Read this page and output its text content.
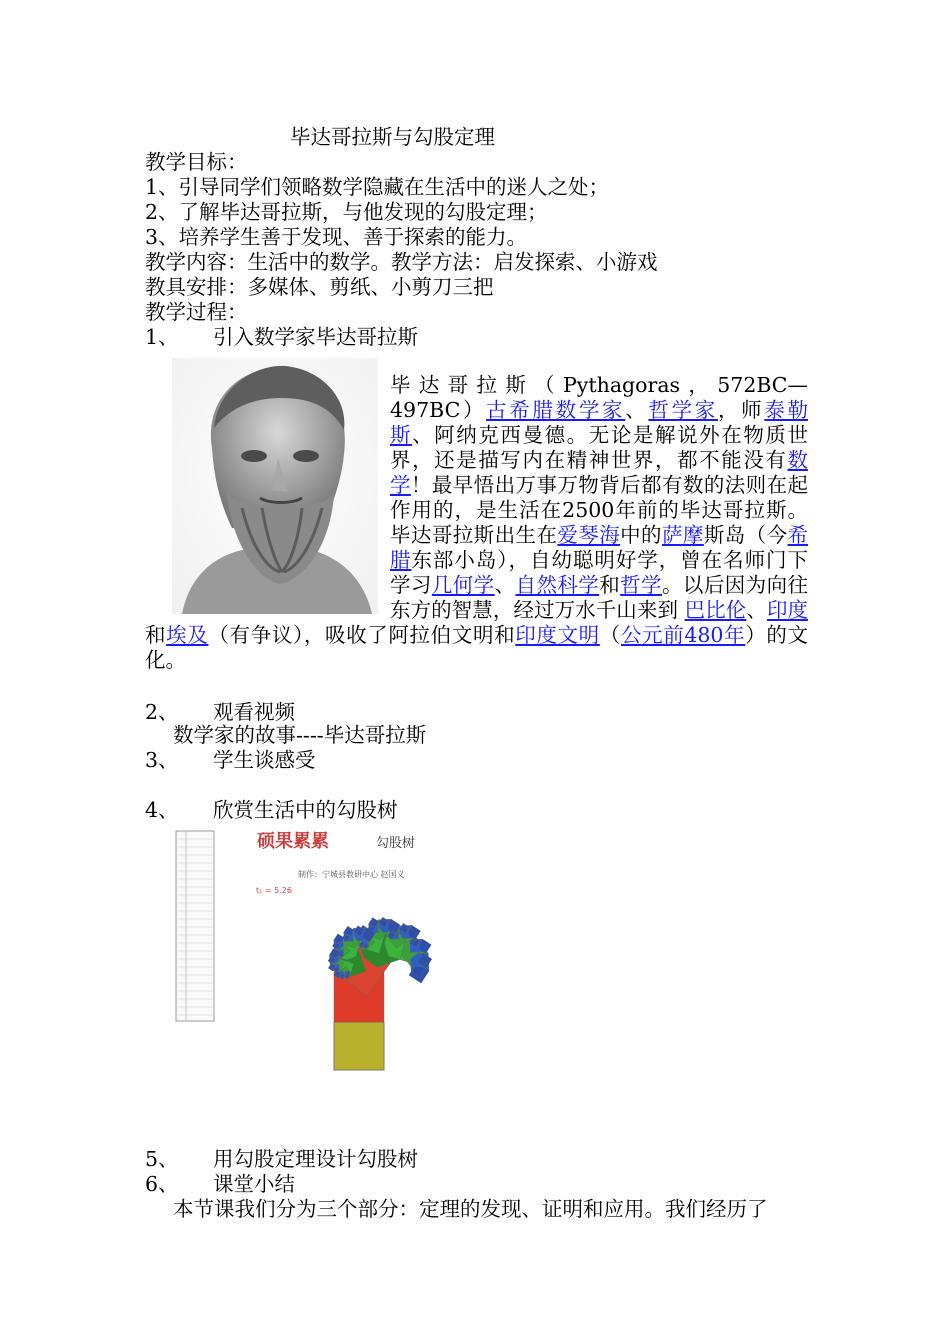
毕达哥拉斯与勾股定理
教学目标：
1、引导同学们领略数学隐藏在生活中的迷人之处；
2、了解毕达哥拉斯，与他发现的勾股定理；
3、培养学生善于发现、善于探索的能力。
教学内容：生活中的数学。教学方法：启发探索、小游戏
教具安排：多媒体、剪纸、小剪刀三把
教学过程：
1、 引入数学家毕达哥拉斯
毕达哥拉斯（Pythagoras，572BC—497BC）古希腊数学家、哲学家，师泰勒斯、阿纳克西曼德。无论是解说外在物质世界，还是描写内在精神世界，都不能没有数学！最早悟出万事万物背后都有数的法则在起作用的，是生活在2500年前的毕达哥拉斯。毕达哥拉斯出生在爱琴海中的萨摩斯岛（今希腊东部小岛），自幼聪明好学，曾在名师门下学习几何学、自然科学和哲学。以后因为向往东方的智慧，经过万水千山来到 巴比伦、印度和埃及（有争议），吸收了阿拉伯文明和印度文明（公元前480年）的文化。
2、 观看视频
数学家的故事----毕达哥拉斯
3、 学生谈感受
4、 欣赏生活中的勾股树
硕果累累	勾股树
制作：宁城县教研中心 赵国义
t₁ = 5.26
5、 用勾股定理设计勾股树
6、 课堂小结
本节课我们分为三个部分：定理的发现、证明和应用。我们经历了
